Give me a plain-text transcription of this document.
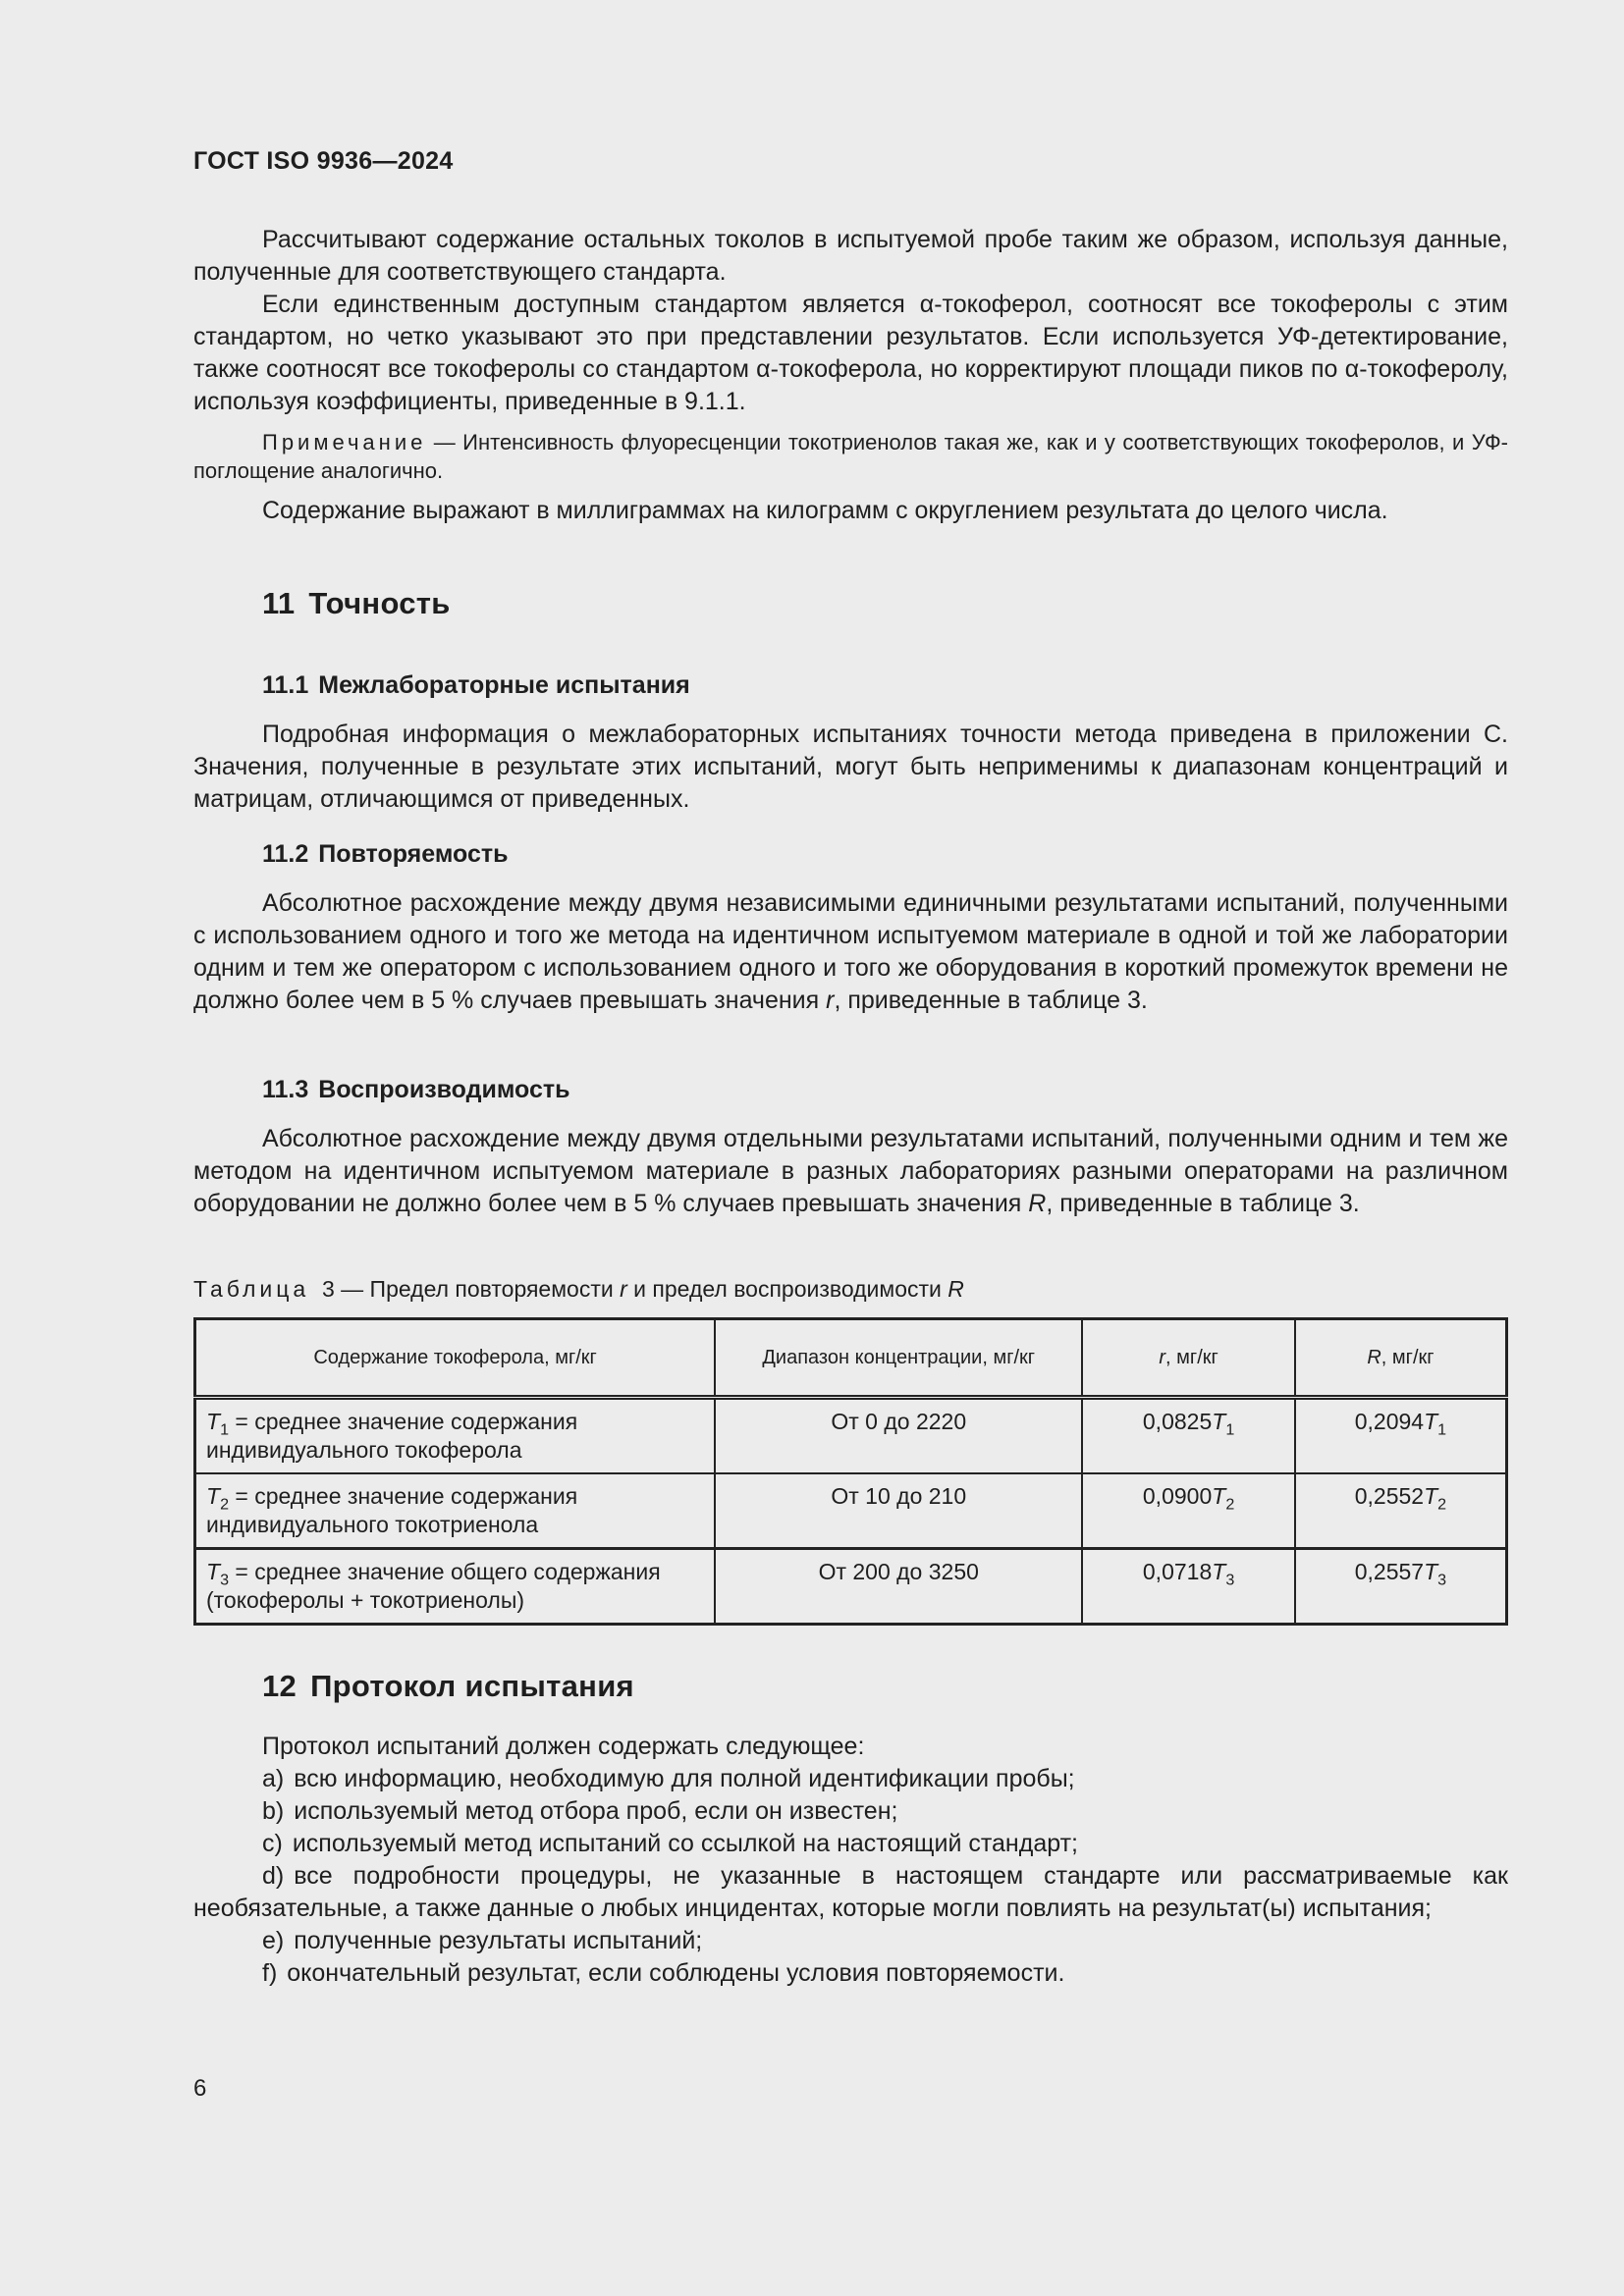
ГОСТ ISO 9936—2024

Рассчитывают содержание остальных токолов в испытуемой пробе таким же образом, используя данные, полученные для соответствующего стандарта.

Если единственным доступным стандартом является α-токоферол, соотносят все токоферолы с этим стандартом, но четко указывают это при представлении результатов. Если используется УФ-детектирование, также соотносят все токоферолы со стандартом α-токоферола, но корректируют площади пиков по α-токоферолу, используя коэффициенты, приведенные в 9.1.1.

Примечание — Интенсивность флуоресценции токотриенолов такая же, как и у соответствующих токоферолов, и УФ-поглощение аналогично.

Содержание выражают в миллиграммах на килограмм с округлением результата до целого числа.

11 Точность
11.1 Межлабораторные испытания

Подробная информация о межлабораторных испытаниях точности метода приведена в приложении С. Значения, полученные в результате этих испытаний, могут быть неприменимы к диапазонам концентраций и матрицам, отличающимся от приведенных.

11.2 Повторяемость

Абсолютное расхождение между двумя независимыми единичными результатами испытаний, полученными с использованием одного и того же метода на идентичном испытуемом материале в одной и той же лаборатории одним и тем же оператором с использованием одного и того же оборудования в короткий промежуток времени не должно более чем в 5 % случаев превышать значения r, приведенные в таблице 3.

11.3 Воспроизводимость

Абсолютное расхождение между двумя отдельными результатами испытаний, полученными одним и тем же методом на идентичном испытуемом материале в разных лабораториях разными операторами на различном оборудовании не должно более чем в 5 % случаев превышать значения R, приведенные в таблице 3.

Таблица 3 — Предел повторяемости r и предел воспроизводимости R
Содержание токоферола, мг/кг	Диапазон концентрации, мг/кг	r, мг/кг	R, мг/кг
$T_1$ = среднее значение содержания индивидуального токоферола	От 0 до 2220	$0,0825T_1$	$0,2094T_1$
$T_2$ = среднее значение содержания индивидуального токотриенола	От 10 до 210	$0,0900T_2$	$0,2552T_2$
$T_3$ = среднее значение общего содержания (токоферолы + токотриенолы)	От 200 до 3250	$0,0718T_3$	$0,2557T_3$
12 Протокол испытания
Протокол испытаний должен содержать следующее:
a) всю информацию, необходимую для полной идентификации пробы;
b) используемый метод отбора проб, если он известен;
c) используемый метод испытаний со ссылкой на настоящий стандарт;

d) все подробности процедуры, не указанные в настоящем стандарте или рассматриваемые как необязательные, а также данные о любых инцидентах, которые могли повлиять на результат(ы) испытания;

e) полученные результаты испытаний;
f) окончательный результат, если соблюдены условия повторяемости.
6
